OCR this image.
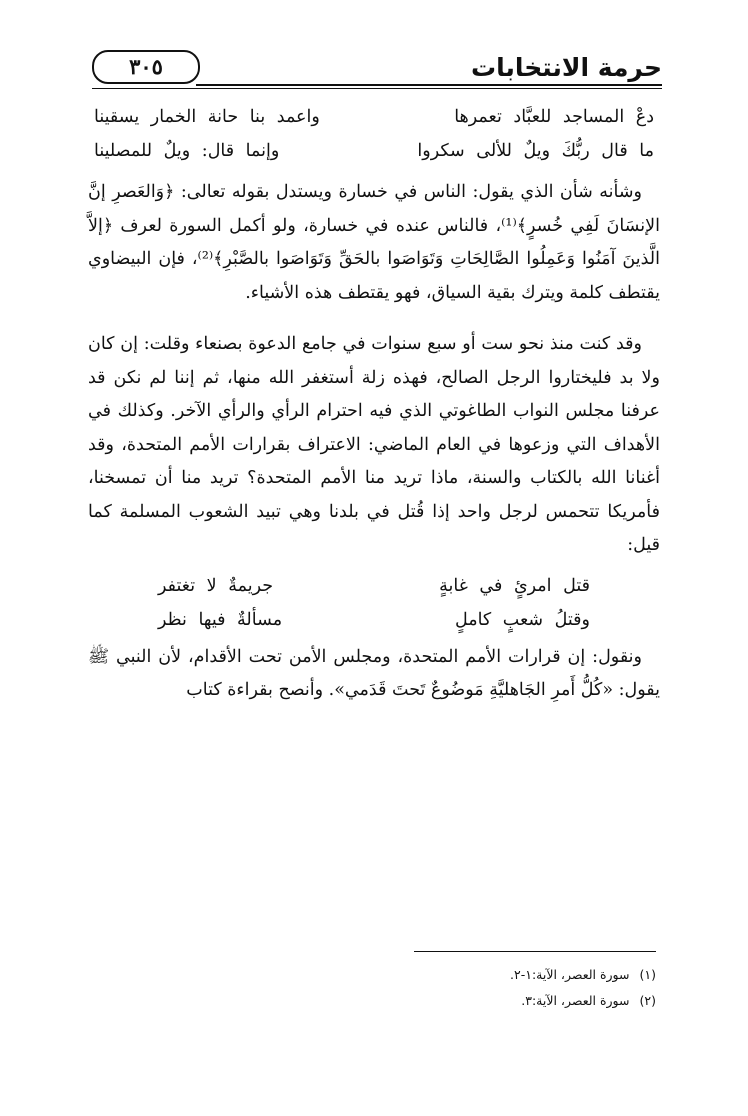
حرمة الانتخابات
٣٠٥
دعْ المساجد للعبَّاد تعمرها
واعمد بنا حانة الخمار يسقينا
ما قال ربُّكَ ويلٌ للألى سكروا
وإنما قال: ويلٌ للمصلينا

وشأنه شأن الذي يقول: الناس في خسارة ويستدل بقوله تعالى: ﴿وَالعَصرِ إنَّ الإنسَانَ لَفِي خُسرٍ﴾⁽¹⁾، فالناس عنده في خسارة، ولو أكمل السورة لعرف ﴿إلاَّ الَّذينَ آمَنُوا وَعَمِلُوا الصَّالِحَاتِ وَتَوَاصَوا بالحَقِّ وَتَوَاصَوا بالصَّبْرِ﴾⁽²⁾، فإن البيضاوي يقتطف كلمة ويترك بقية السياق، فهو يقتطف هذه الأشياء.

وقد كنت منذ نحو ست أو سبع سنوات في جامع الدعوة بصنعاء وقلت: إن كان ولا بد فليختاروا الرجل الصالح، فهذه زلة أستغفر الله منها، ثم إننا لم نكن قد عرفنا مجلس النواب الطاغوتي الذي فيه احترام الرأي والرأي الآخر. وكذلك في الأهداف التي وزعوها في العام الماضي: الاعتراف بقرارات الأمم المتحدة، وقد أغنانا الله بالكتاب والسنة، ماذا تريد منا الأمم المتحدة؟ تريد منا أن تمسخنا، فأمريكا تتحمس لرجل واحد إذا قُتل في بلدنا وهي تبيد الشعوب المسلمة كما قيل:

قتل امرئٍ في غابةٍ
جريمةٌ لا تغتفر
وقتلُ شعبٍ كاملٍ
مسألةٌ فيها نظر

ونقول: إن قرارات الأمم المتحدة، ومجلس الأمن تحت الأقدام، لأن النبي ﷺ يقول: «كُلُّ أَمرِ الجَاهليَّةِ مَوضُوعٌ تَحتَ قَدَمي». وأنصح بقراءة كتاب

(١)سورة العصر، الآية:١-٢.
(٢)سورة العصر، الآية:٣.
